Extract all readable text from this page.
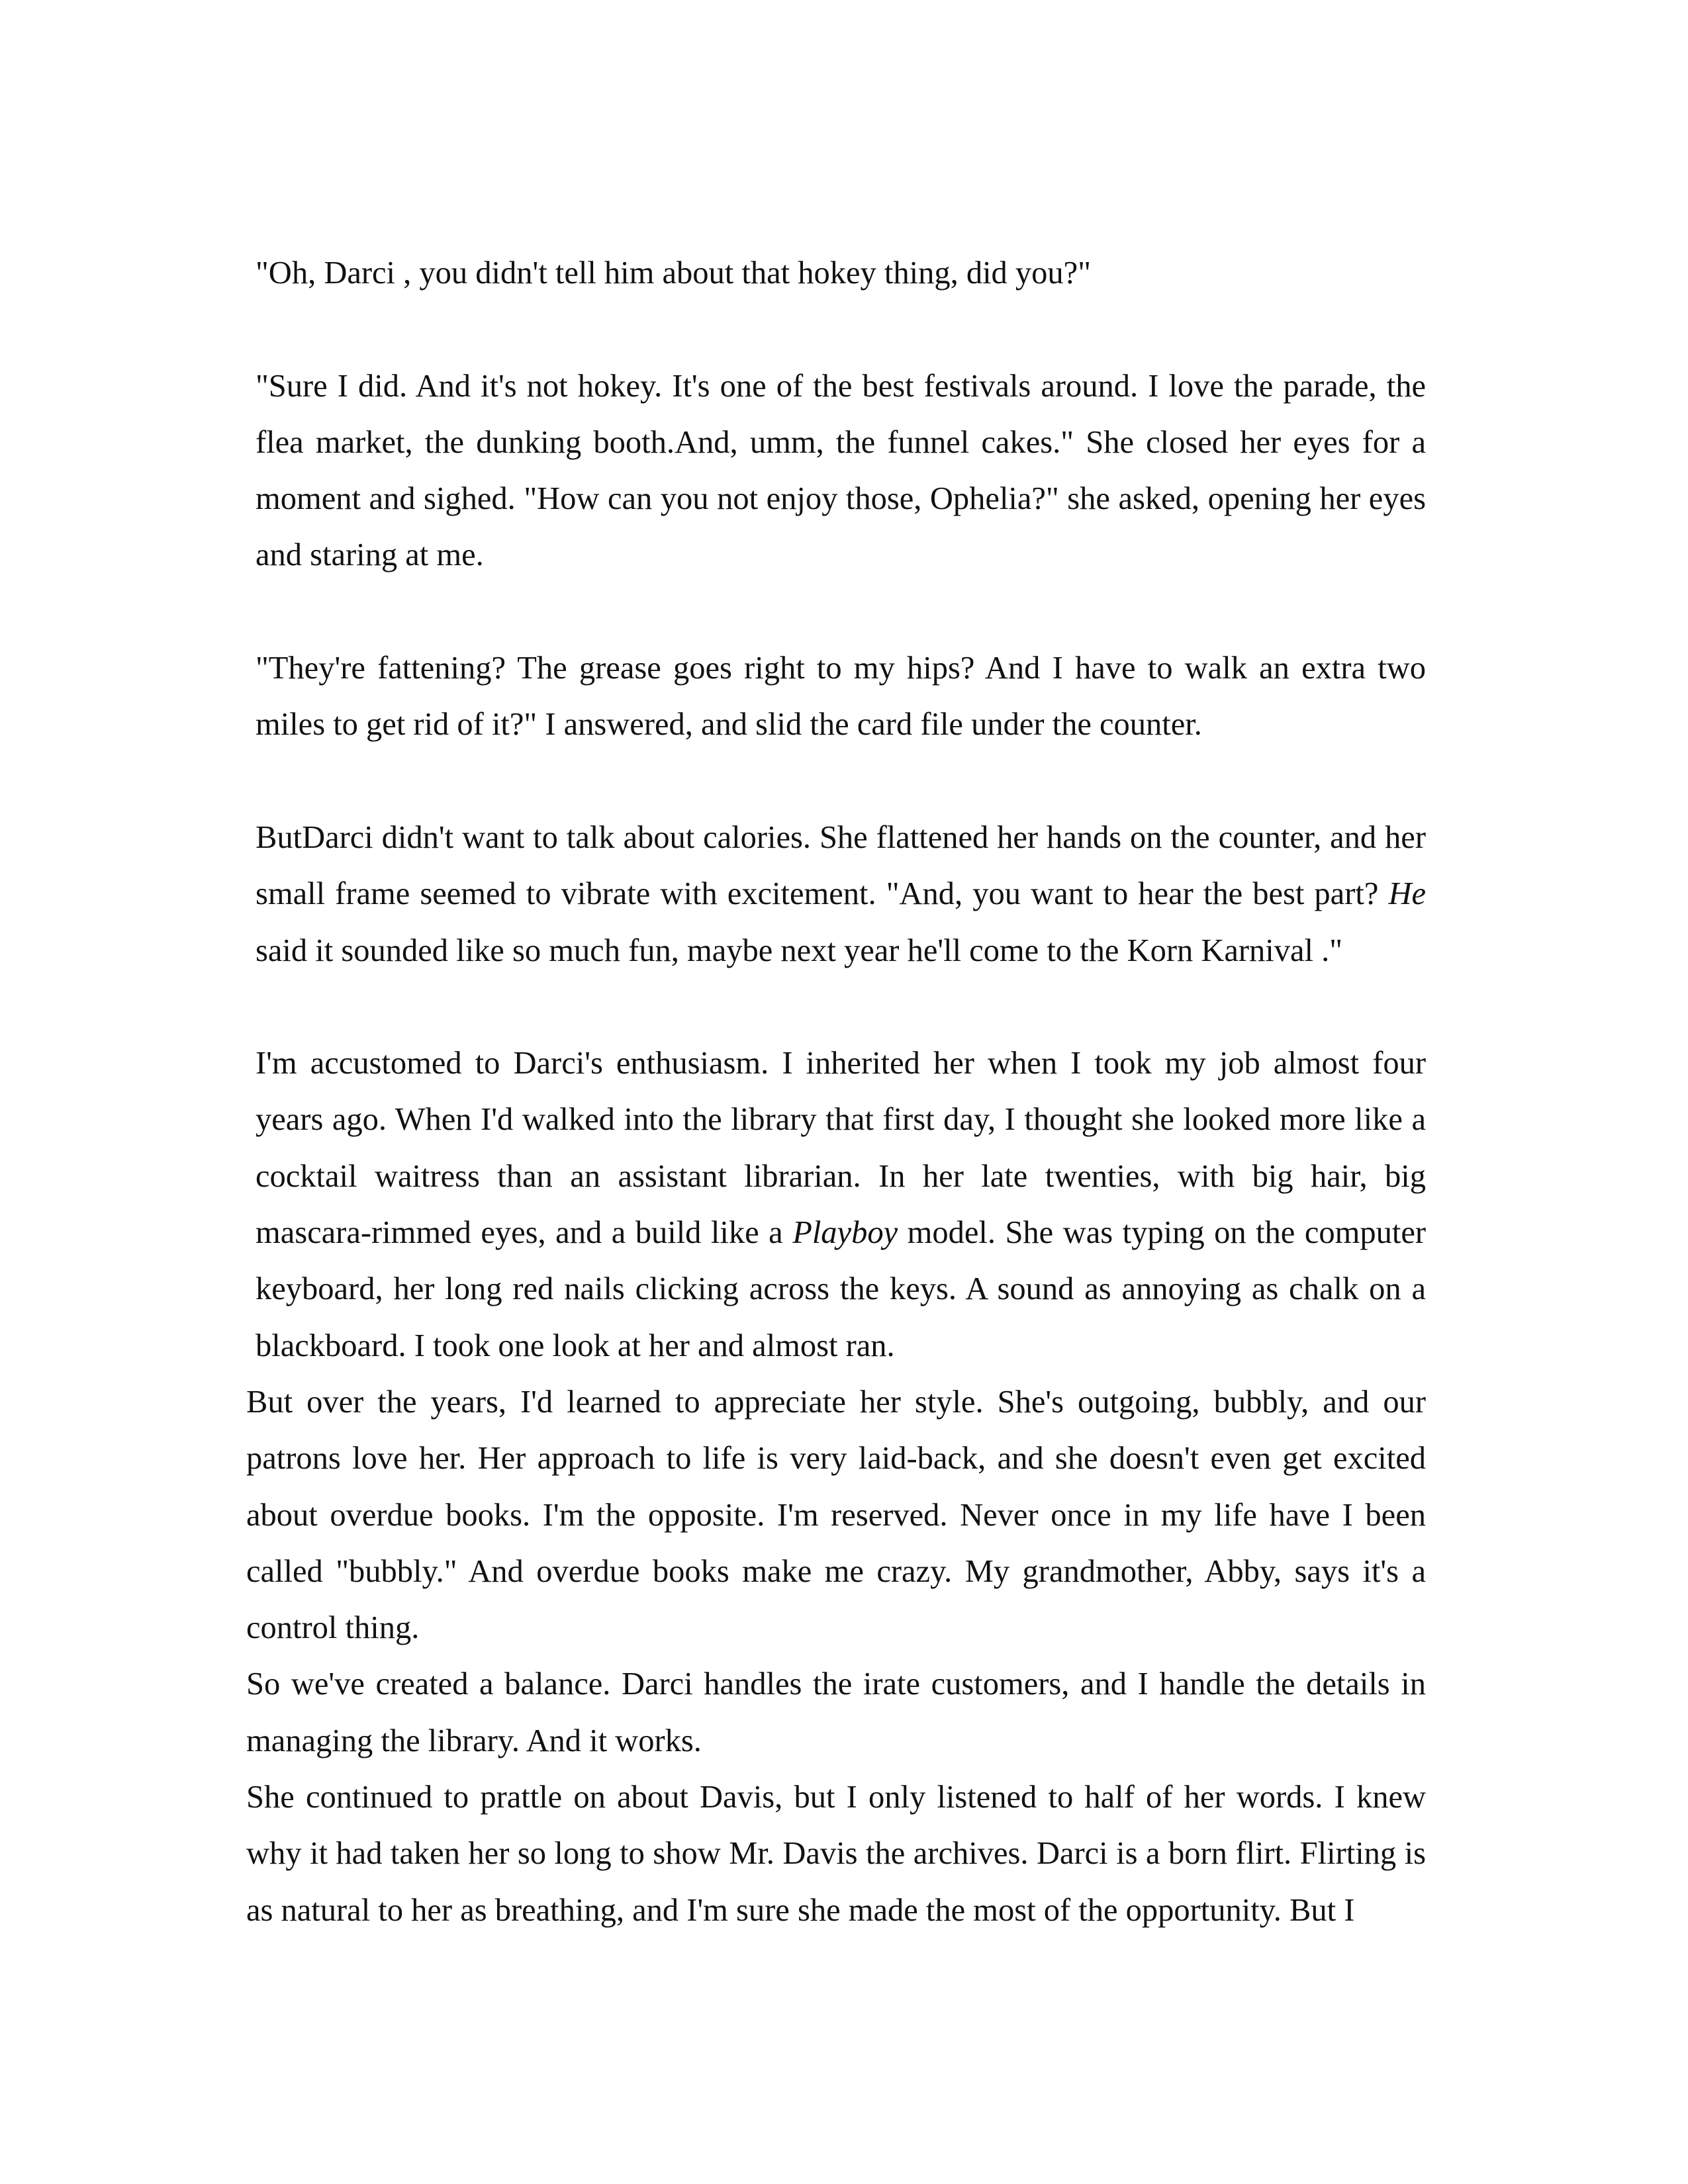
"Oh, Darci , you didn't tell him about that hokey thing, did you?"

"Sure I did. And it's not hokey. It's one of the best festivals around. I love the parade, the flea market, the dunking booth.And, umm, the funnel cakes." She closed her eyes for a moment and sighed. "How can you not enjoy those, Ophelia?" she asked, opening her eyes and staring at me.

"They're fattening? The grease goes right to my hips? And I have to walk an extra two miles to get rid of it?" I answered, and slid the card file under the counter.

ButDarci didn't want to talk about calories. She flattened her hands on the counter, and her small frame seemed to vibrate with excitement. "And, you want to hear the best part? He said it sounded like so much fun, maybe next year he'll come to the Korn Karnival ."

I'm accustomed to Darci's enthusiasm. I inherited her when I took my job almost four years ago. When I'd walked into the library that first day, I thought she looked more like a cocktail waitress than an assistant librarian. In her late twenties, with big hair, big mascara-rimmed eyes, and a build like a Playboy model. She was typing on the computer keyboard, her long red nails clicking across the keys. A sound as annoying as chalk on a blackboard. I took one look at her and almost ran.

But over the years, I'd learned to appreciate her style. She's outgoing, bubbly, and our patrons love her. Her approach to life is very laid-back, and she doesn't even get excited about overdue books. I'm the opposite. I'm reserved. Never once in my life have I been called "bubbly." And overdue books make me crazy. My grandmother, Abby, says it's a control thing.

So we've created a balance. Darci handles the irate customers, and I handle the details in managing the library. And it works.

She continued to prattle on about Davis, but I only listened to half of her words. I knew why it had taken her so long to show Mr. Davis the archives. Darci is a born flirt. Flirting is as natural to her as breathing, and I'm sure she made the most of the opportunity. But I
